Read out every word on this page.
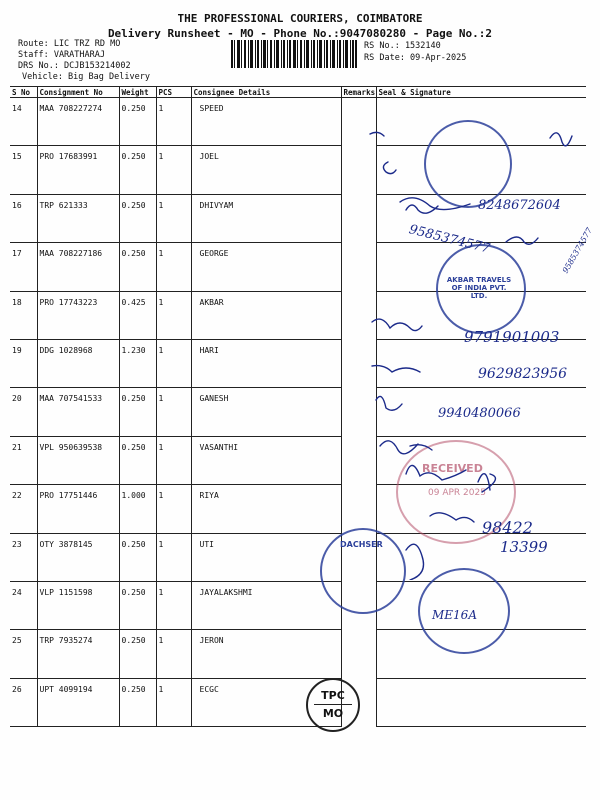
THE PROFESSIONAL COURIERS, COIMBATORE
Delivery Runsheet - MO - Phone No.:9047080280 - Page No.:2
Route: LIC TRZ RD MO
Staff: VARATHARAJ
DRS No.: DCJB153214002
Vehicle: Big Bag Delivery
RS No.: 1532140
RS Date: 09-Apr-2025
S No	Consignment No	Weight	PCS	Consignee Details	Remarks	Seal & Signature
14	MAA 708227274	0.250	1	SPEED		
15	PRO 17683991	0.250	1	JOEL		
16	TRP 621333	0.250	1	DHIVYAM		
17	MAA 708227186	0.250	1	GEORGE		
18	PRO 17743223	0.425	1	AKBAR		
19	DDG 1028968	1.230	1	HARI		
20	MAA 707541533	0.250	1	GANESH		
21	VPL 950639538	0.250	1	VASANTHI		
22	PRO 17751446	1.000	1	RIYA		
23	OTY 3878145	0.250	1	UTI		
24	VLP 1151598	0.250	1	JAYALAKSHMI		
25	TRP 7935274	0.250	1	JERON		
26	UPT 4099194	0.250	1	ECGC		
AKBAR TRAVELS OF INDIA PVT. LTD.
RECEIVED
09 APR 2025
DACHSER
8248672604
9585374577	9585374577
9791901003
9629823956
9940480066
98422
13399
ME16A
TPC
MO
